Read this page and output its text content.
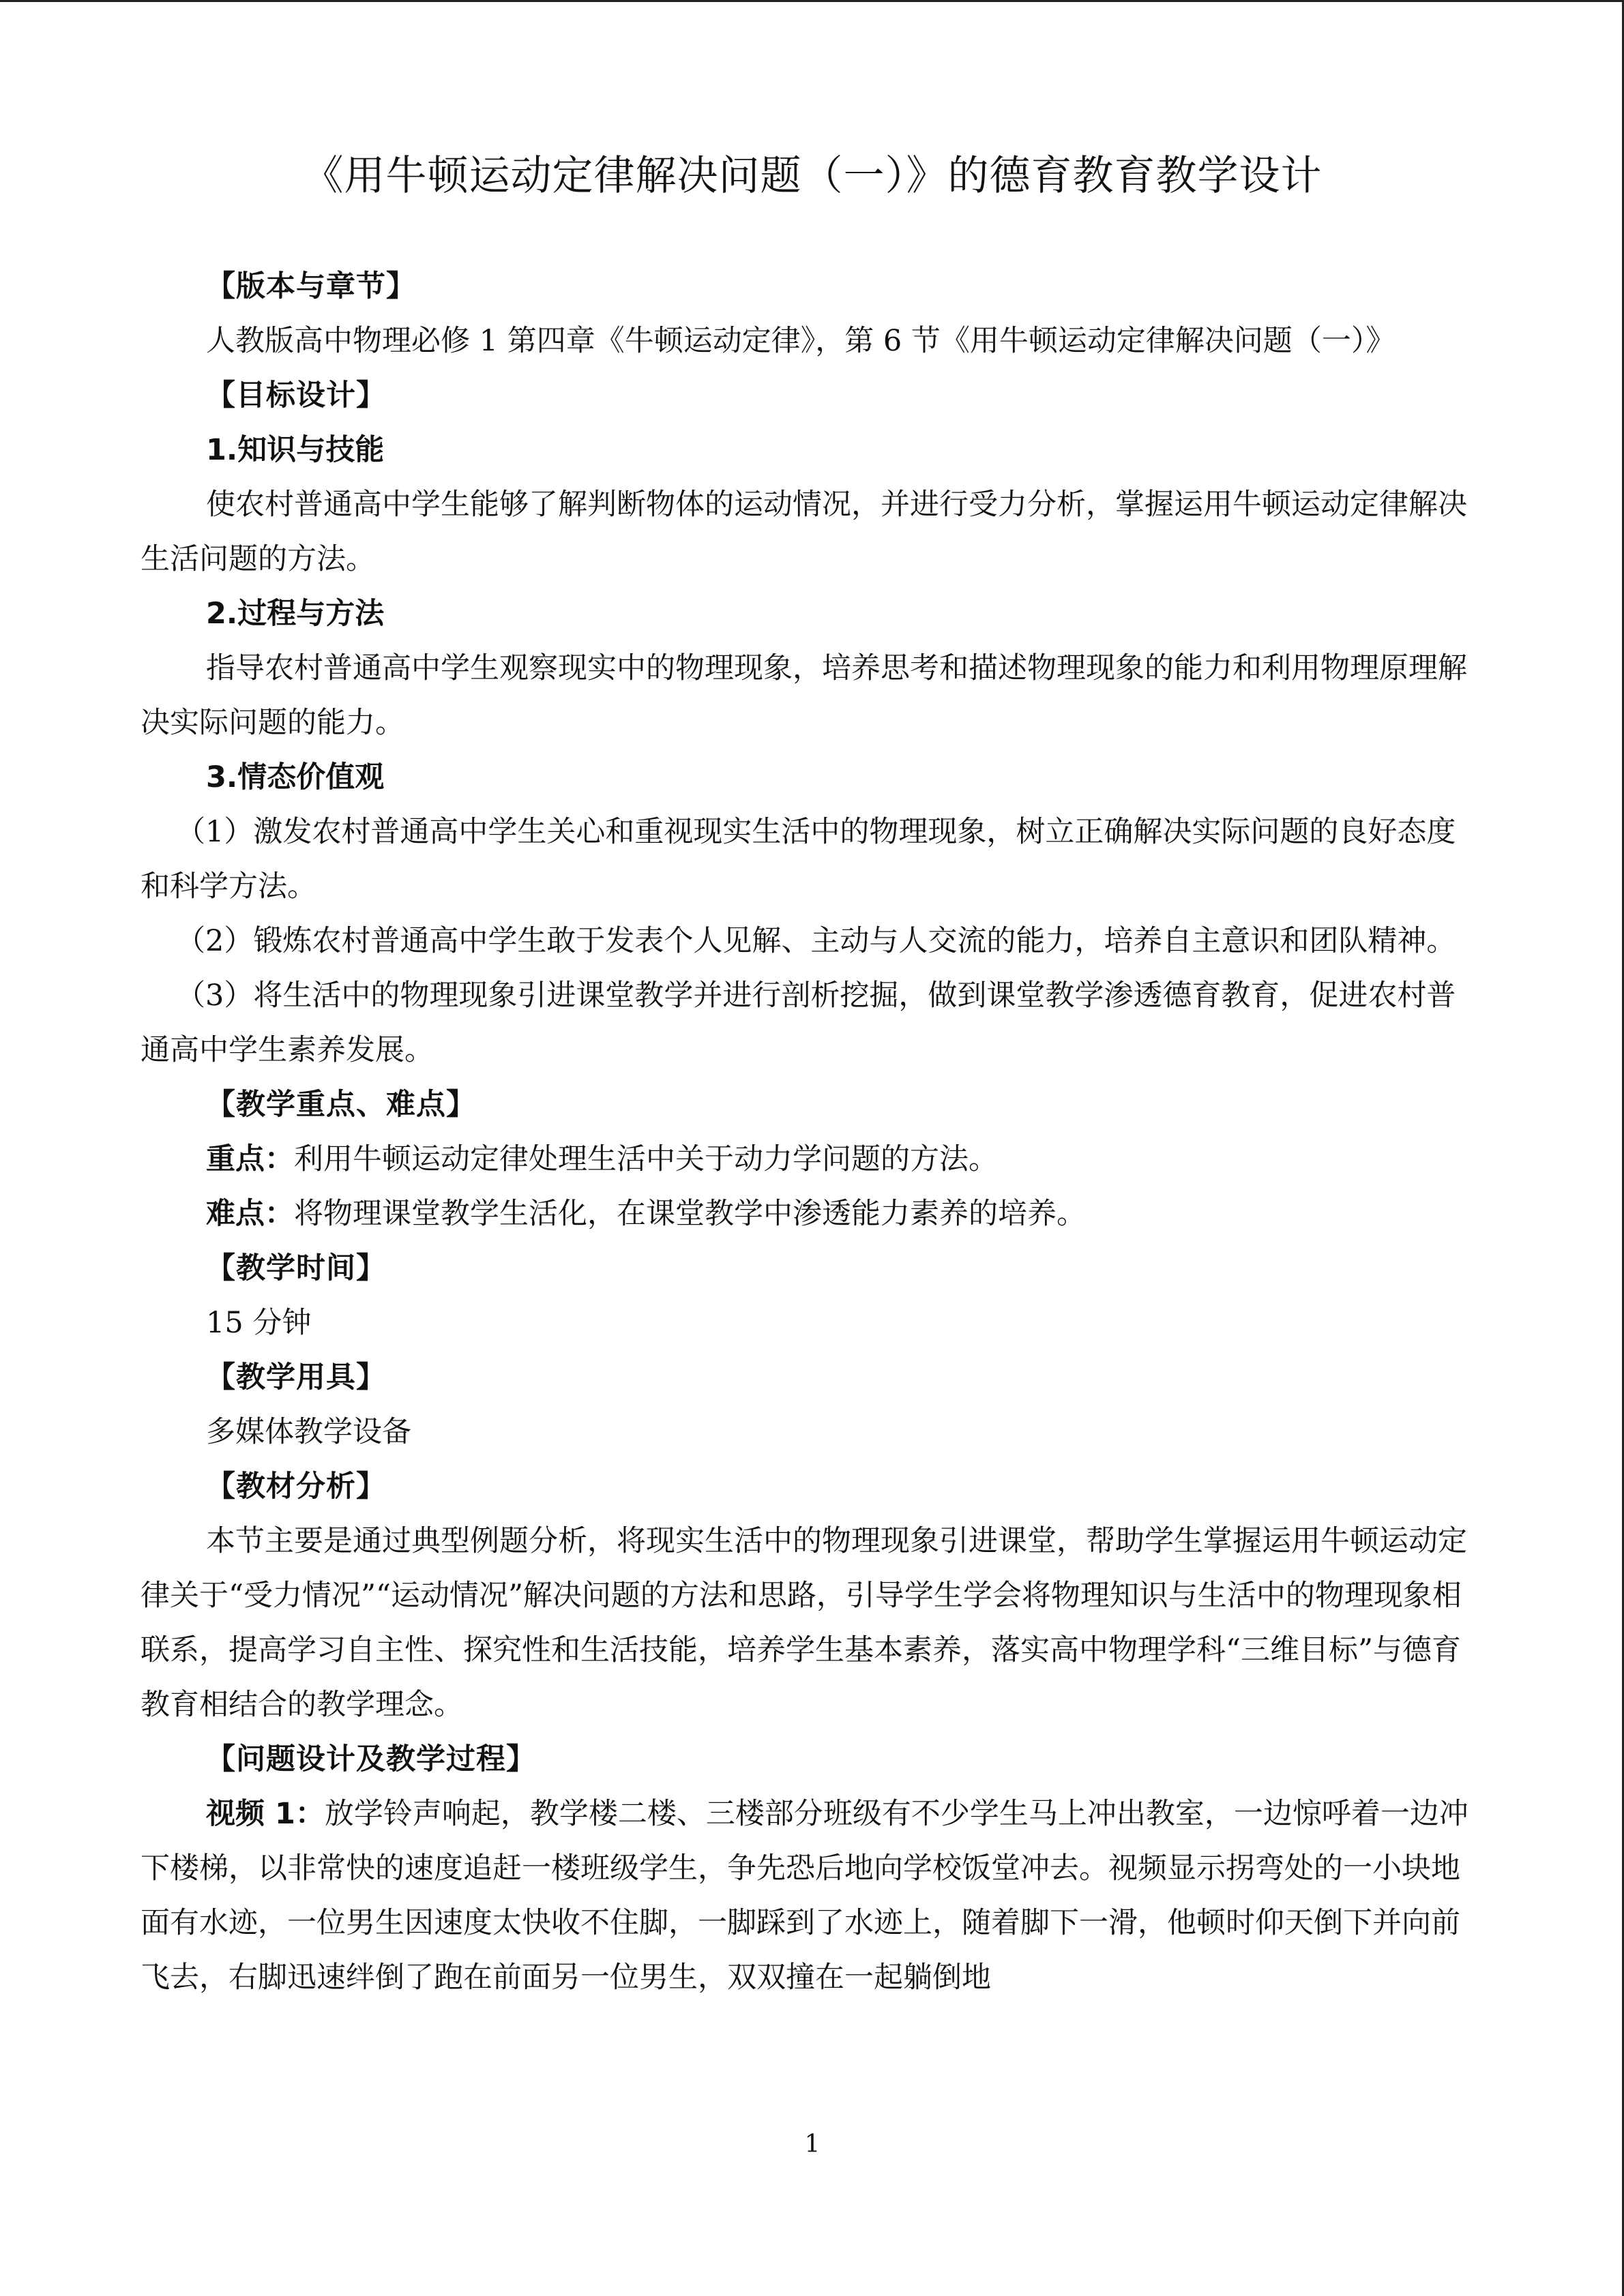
《用牛顿运动定律解决问题（一）》的德育教育教学设计

【版本与章节】

人教版高中物理必修 1 第四章《牛顿运动定律》，第 6 节《用牛顿运动定律解决问题（一）》

【目标设计】

1.知识与技能

使农村普通高中学生能够了解判断物体的运动情况，并进行受力分析，掌握运用牛顿运动定律解决生活问题的方法。

2.过程与方法

指导农村普通高中学生观察现实中的物理现象，培养思考和描述物理现象的能力和利用物理原理解决实际问题的能力。

3.情态价值观

（1）激发农村普通高中学生关心和重视现实生活中的物理现象，树立正确解决实际问题的良好态度和科学方法。

（2）锻炼农村普通高中学生敢于发表个人见解、主动与人交流的能力，培养自主意识和团队精神。

（3）将生活中的物理现象引进课堂教学并进行剖析挖掘，做到课堂教学渗透德育教育，促进农村普通高中学生素养发展。

【教学重点、难点】

重点：利用牛顿运动定律处理生活中关于动力学问题的方法。

难点：将物理课堂教学生活化，在课堂教学中渗透能力素养的培养。

【教学时间】

15 分钟

【教学用具】

多媒体教学设备

【教材分析】

本节主要是通过典型例题分析，将现实生活中的物理现象引进课堂，帮助学生掌握运用牛顿运动定律关于“受力情况”“运动情况”解决问题的方法和思路，引导学生学会将物理知识与生活中的物理现象相联系，提高学习自主性、探究性和生活技能，培养学生基本素养，落实高中物理学科“三维目标”与德育教育相结合的教学理念。

【问题设计及教学过程】

视频 1：放学铃声响起，教学楼二楼、三楼部分班级有不少学生马上冲出教室，一边惊呼着一边冲下楼梯，以非常快的速度追赶一楼班级学生，争先恐后地向学校饭堂冲去。视频显示拐弯处的一小块地面有水迹，一位男生因速度太快收不住脚，一脚踩到了水迹上，随着脚下一滑，他顿时仰天倒下并向前飞去，右脚迅速绊倒了跑在前面另一位男生，双双撞在一起躺倒地

1
